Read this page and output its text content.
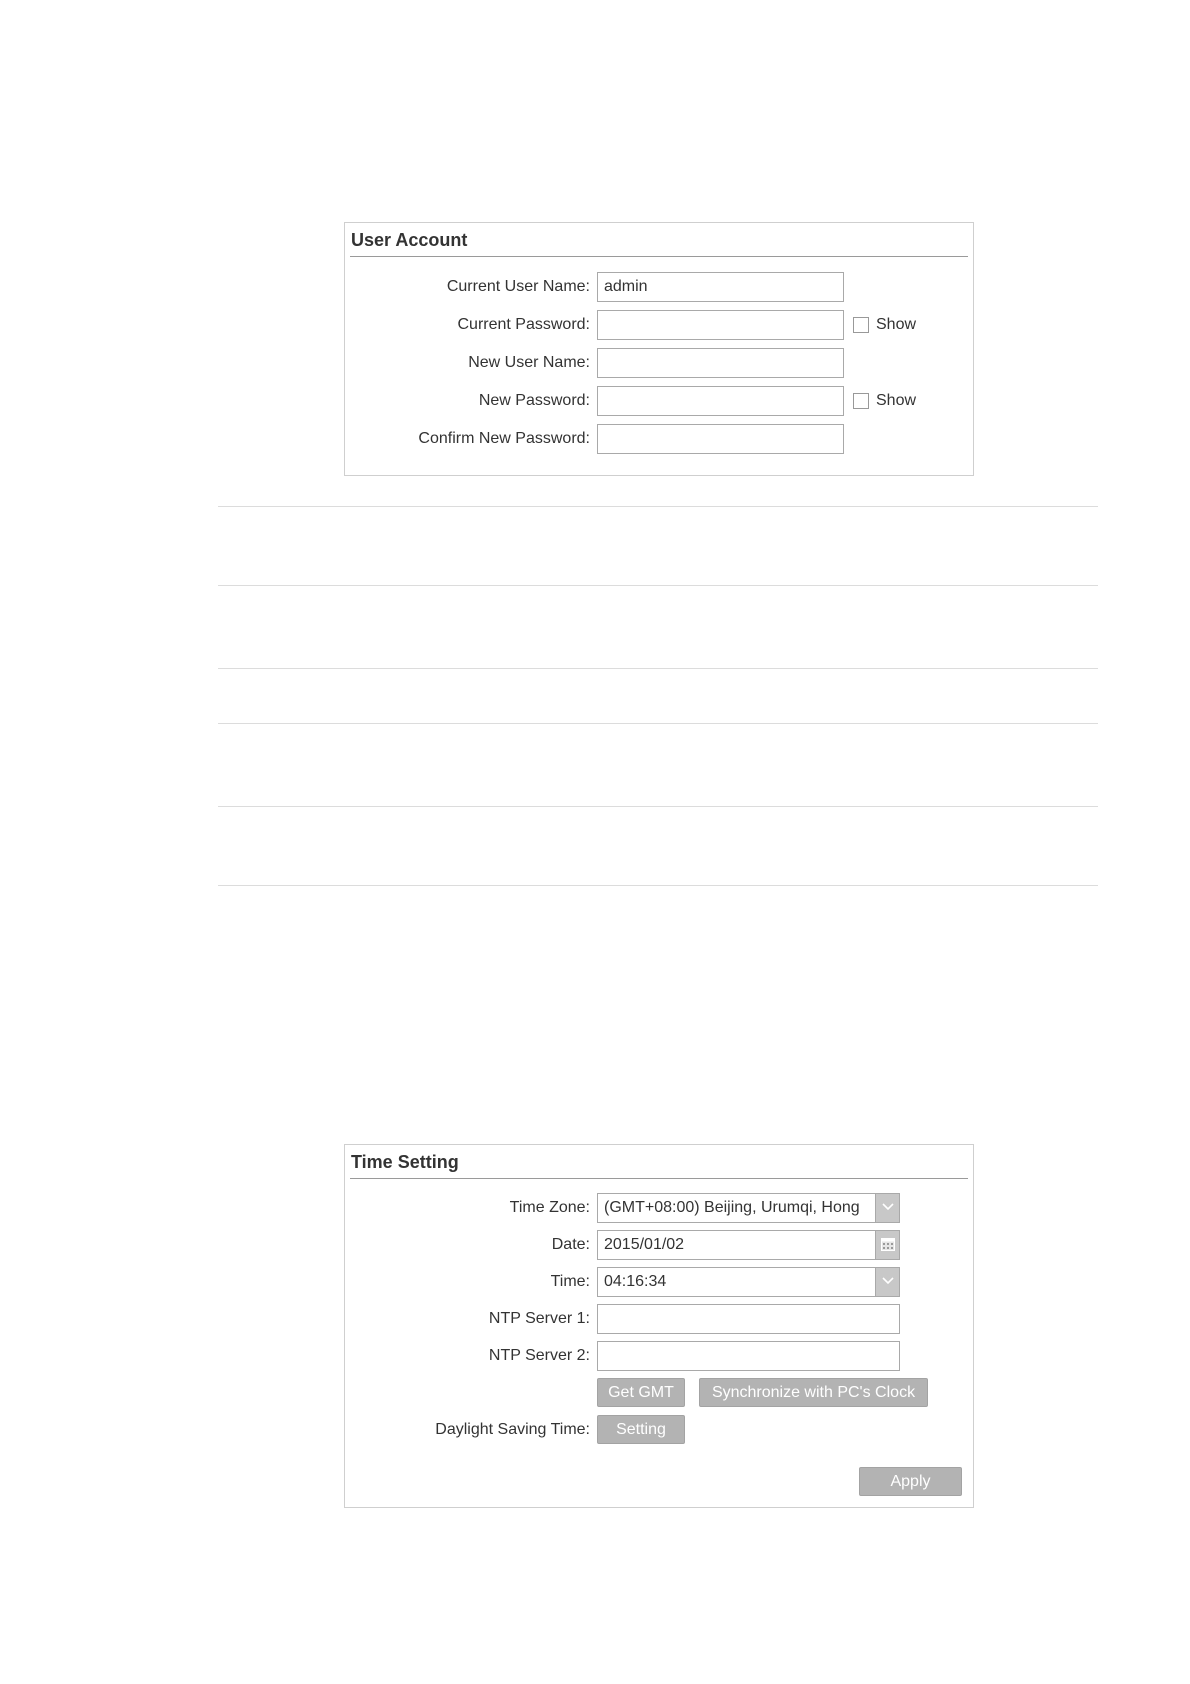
User Account
Current User Name: admin
Current Password:	Show
New User Name:
New Password:	Show
Confirm New Password:
Time Setting
Time Zone: (GMT+08:00) Beijing, Urumqi, Hong
Date: 2015/01/02
Time: 04:16:34
NTP Server 1:
NTP Server 2:
Get GMT	Synchronize with PC's Clock
Daylight Saving Time:	Setting
Apply
